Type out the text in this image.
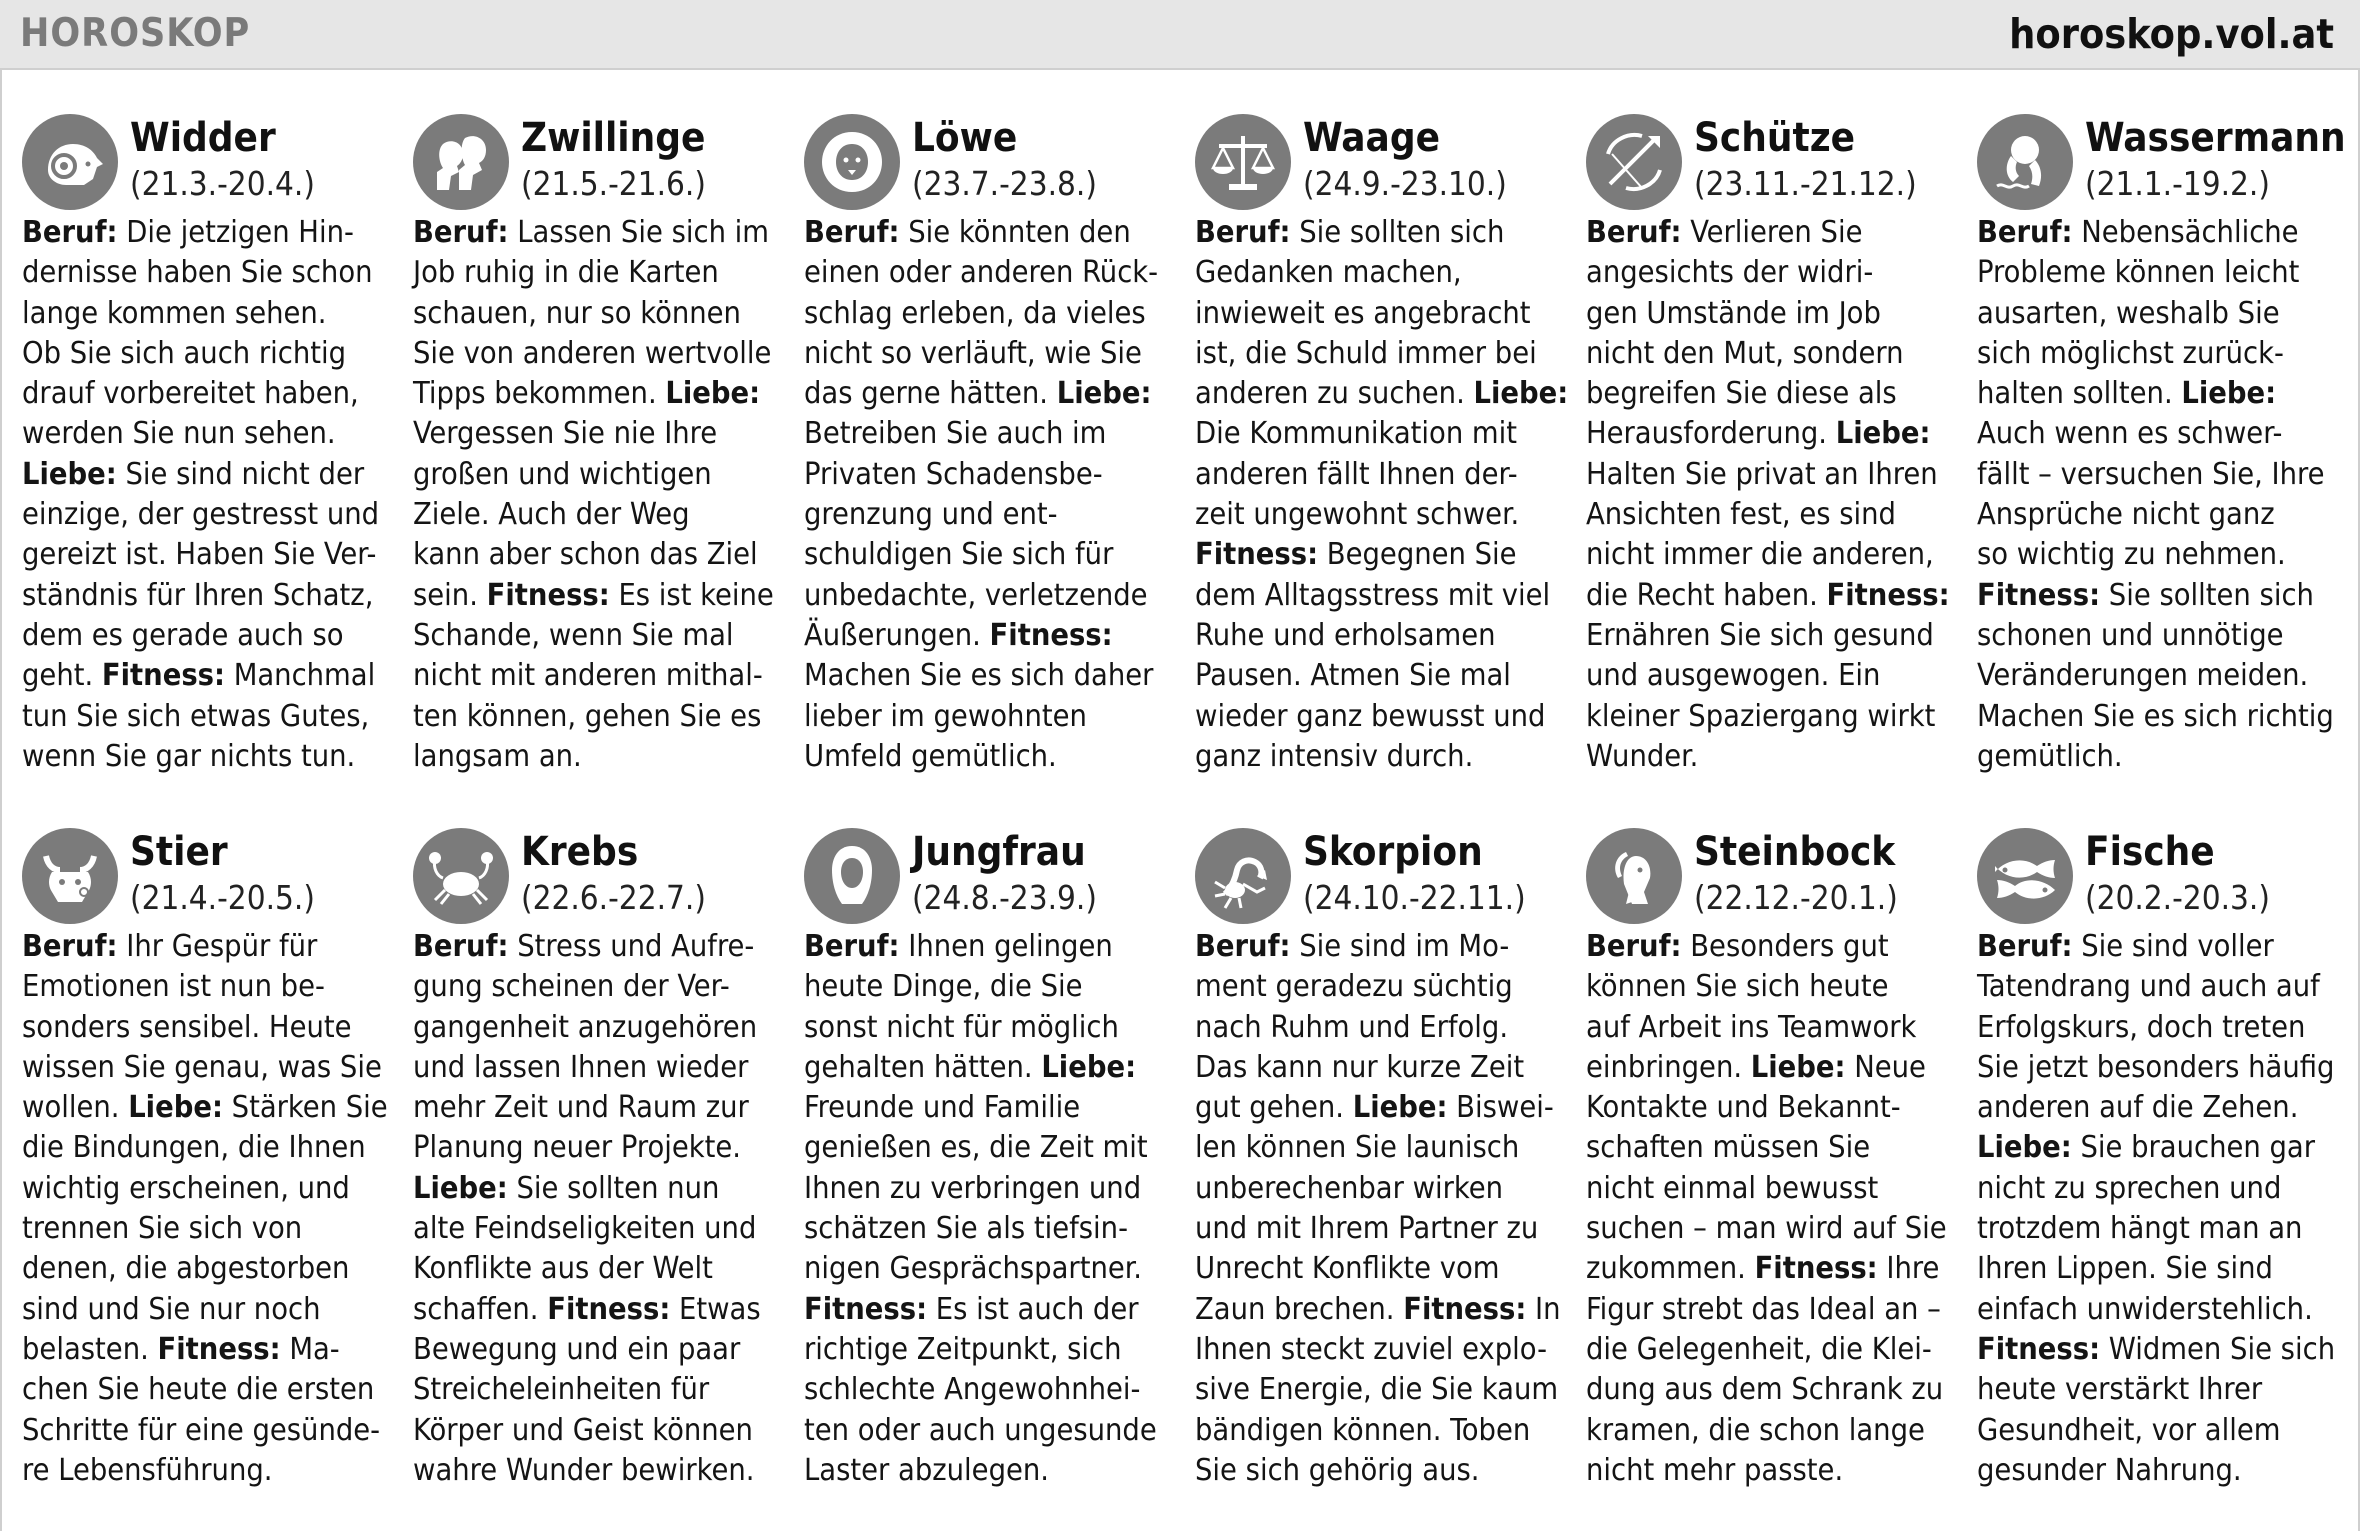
HOROSKOP	horoskop.vol.at
Widder
(21.3.-20.4.)

Beruf: Die jetzigen Hin-
dernisse haben Sie schon
lange kommen sehen.
Ob Sie sich auch richtig
drauf vorbereitet haben,
werden Sie nun sehen. Liebe: Sie sind nicht der
einzige, der gestresst und
gereizt ist. Haben Sie Ver-
ständnis für Ihren Schatz,
dem es gerade auch so
geht. Fitness: Manchmal
tun Sie sich etwas Gutes,
wenn Sie gar nichts tun.

Zwillinge
(21.5.-21.6.)

Beruf: Lassen Sie sich im
Job ruhig in die Karten
schauen, nur so können
Sie von anderen wertvolle
Tipps bekommen. Liebe:
Vergessen Sie nie Ihre
großen und wichtigen
Ziele. Auch der Weg
kann aber schon das Ziel
sein. Fitness: Es ist keine
Schande, wenn Sie mal
nicht mit anderen mithal-
ten können, gehen Sie es
langsam an.

Löwe
(23.7.-23.8.)

Beruf: Sie könnten den
einen oder anderen Rück-
schlag erleben, da vieles
nicht so verläuft, wie Sie
das gerne hätten. Liebe:
Betreiben Sie auch im
Privaten Schadensbe-
grenzung und ent-
schuldigen Sie sich für
unbedachte, verletzende
Äußerungen. Fitness:
Machen Sie es sich daher
lieber im gewohnten
Umfeld gemütlich.

Waage
(24.9.-23.10.)

Beruf: Sie sollten sich
Gedanken machen,
inwieweit es angebracht
ist, die Schuld immer bei
anderen zu suchen. Liebe:
Die Kommunikation mit
anderen fällt Ihnen der-
zeit ungewohnt schwer. Fitness: Begegnen Sie
dem Alltagsstress mit viel
Ruhe und erholsamen
Pausen. Atmen Sie mal
wieder ganz bewusst und
ganz intensiv durch.

Schütze
(23.11.-21.12.)

Beruf: Verlieren Sie
angesichts der widri-
gen Umstände im Job
nicht den Mut, sondern
begreifen Sie diese als
Herausforderung. Liebe:
Halten Sie privat an Ihren
Ansichten fest, es sind
nicht immer die anderen,
die Recht haben. Fitness:
Ernähren Sie sich gesund
und ausgewogen. Ein
kleiner Spaziergang wirkt
Wunder.

Wassermann
(21.1.-19.2.)

Beruf: Nebensächliche
Probleme können leicht
ausarten, weshalb Sie
sich möglichst zurück-
halten sollten. Liebe:
Auch wenn es schwer-
fällt – versuchen Sie, Ihre
Ansprüche nicht ganz
so wichtig zu nehmen. Fitness: Sie sollten sich
schonen und unnötige
Veränderungen meiden.
Machen Sie es sich richtig
gemütlich.

Stier
(21.4.-20.5.)

Beruf: Ihr Gespür für
Emotionen ist nun be-
sonders sensibel. Heute
wissen Sie genau, was Sie
wollen. Liebe: Stärken Sie
die Bindungen, die Ihnen
wichtig erscheinen, und
trennen Sie sich von
denen, die abgestorben
sind und Sie nur noch
belasten. Fitness: Ma-
chen Sie heute die ersten
Schritte für eine gesünde-
re Lebensführung.

Krebs
(22.6.-22.7.)

Beruf: Stress und Aufre-
gung scheinen der Ver-
gangenheit anzugehören
und lassen Ihnen wieder
mehr Zeit und Raum zur
Planung neuer Projekte. Liebe: Sie sollten nun
alte Feindseligkeiten und
Konflikte aus der Welt
schaffen. Fitness: Etwas
Bewegung und ein paar
Streicheleinheiten für
Körper und Geist können
wahre Wunder bewirken.

Jungfrau
(24.8.-23.9.)

Beruf: Ihnen gelingen
heute Dinge, die Sie
sonst nicht für möglich
gehalten hätten. Liebe:
Freunde und Familie
genießen es, die Zeit mit
Ihnen zu verbringen und
schätzen Sie als tiefsin-
nigen Gesprächspartner. Fitness: Es ist auch der
richtige Zeitpunkt, sich
schlechte Angewohnhei-
ten oder auch ungesunde
Laster abzulegen.

Skorpion
(24.10.-22.11.)

Beruf: Sie sind im Mo-
ment geradezu süchtig
nach Ruhm und Erfolg.
Das kann nur kurze Zeit
gut gehen. Liebe: Biswei-
len können Sie launisch
unberechenbar wirken
und mit Ihrem Partner zu
Unrecht Konflikte vom
Zaun brechen. Fitness: In
Ihnen steckt zuviel explo-
sive Energie, die Sie kaum
bändigen können. Toben
Sie sich gehörig aus.

Steinbock
(22.12.-20.1.)

Beruf: Besonders gut
können Sie sich heute
auf Arbeit ins Teamwork
einbringen. Liebe: Neue
Kontakte und Bekannt-
schaften müssen Sie
nicht einmal bewusst
suchen – man wird auf Sie
zukommen. Fitness: Ihre
Figur strebt das Ideal an –
die Gelegenheit, die Klei-
dung aus dem Schrank zu
kramen, die schon lange
nicht mehr passte.

Fische
(20.2.-20.3.)

Beruf: Sie sind voller
Tatendrang und auch auf
Erfolgskurs, doch treten
Sie jetzt besonders häufig
anderen auf die Zehen. Liebe: Sie brauchen gar
nicht zu sprechen und
trotzdem hängt man an
Ihren Lippen. Sie sind
einfach unwiderstehlich. Fitness: Widmen Sie sich
heute verstärkt Ihrer
Gesundheit, vor allem
gesunder Nahrung.
